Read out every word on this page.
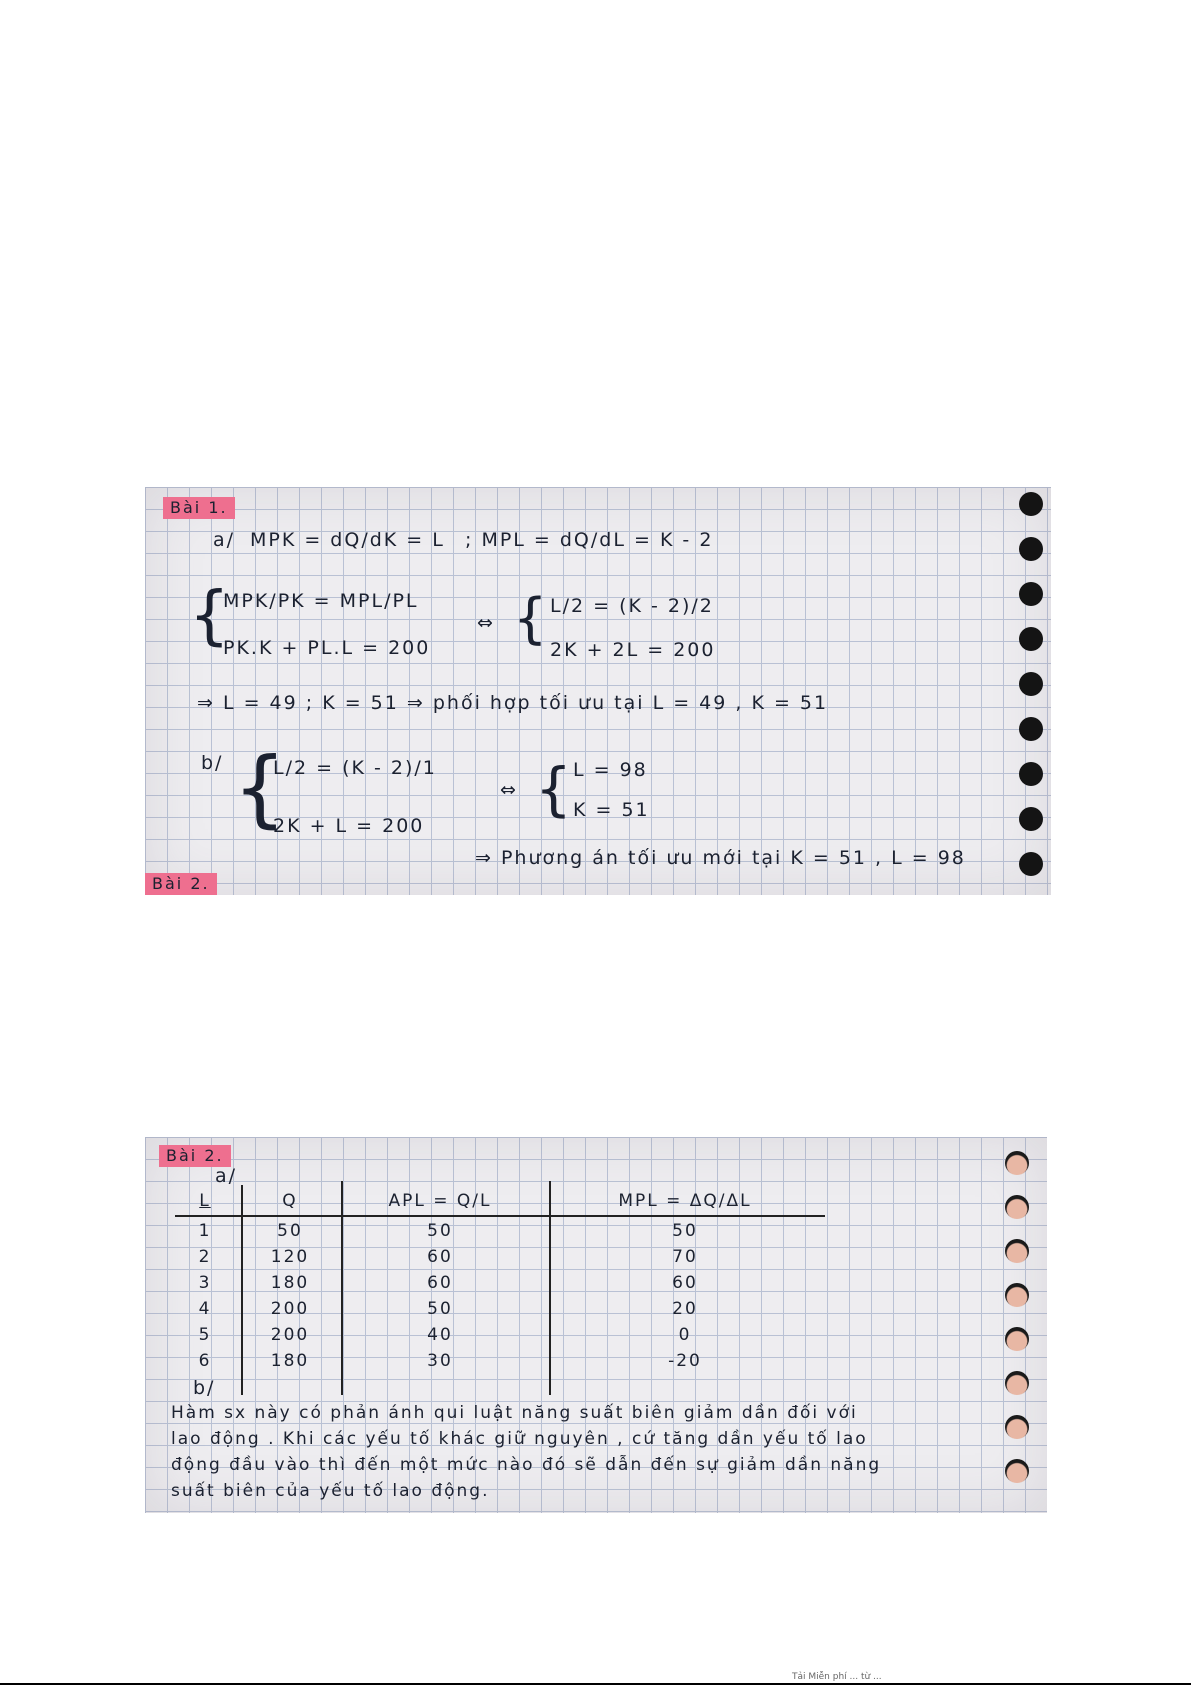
Bài 1.
a/ MPK = dQ/dK = L ; MPL = dQ/dL = K - 2
{
MPK/PK = MPL/PL
PK.K + PL.L = 200
⇔ { L/2 = (K - 2)/2
2K + 2L = 200
⇒ L = 49 ; K = 51 ⇒ phối hợp tối ưu tại L = 49 , K = 51
b/ {
L/2 = (K - 2)/1
2K + L = 200
⇔ { L = 98
K = 51
⇒ Phương án tối ưu mới tại K = 51 , L = 98
Bài 2.
Bài 2.
a/
L	Q	APL = Q/L	MPL = ΔQ/ΔL
1	50	50	50
2	120	60	70
3	180	60	60
4	200	50	20
5	200	40	0
6	180	30	-20
b/
Hàm sx này có phản ánh qui luật năng suất biên giảm dần đối với
lao động . Khi các yếu tố khác giữ nguyên , cứ tăng dần yếu tố lao
động đầu vào thì đến một mức nào đó sẽ dẫn đến sự giảm dần năng
suất biên của yếu tố lao động.
Tải Miễn phí ... từ ...
